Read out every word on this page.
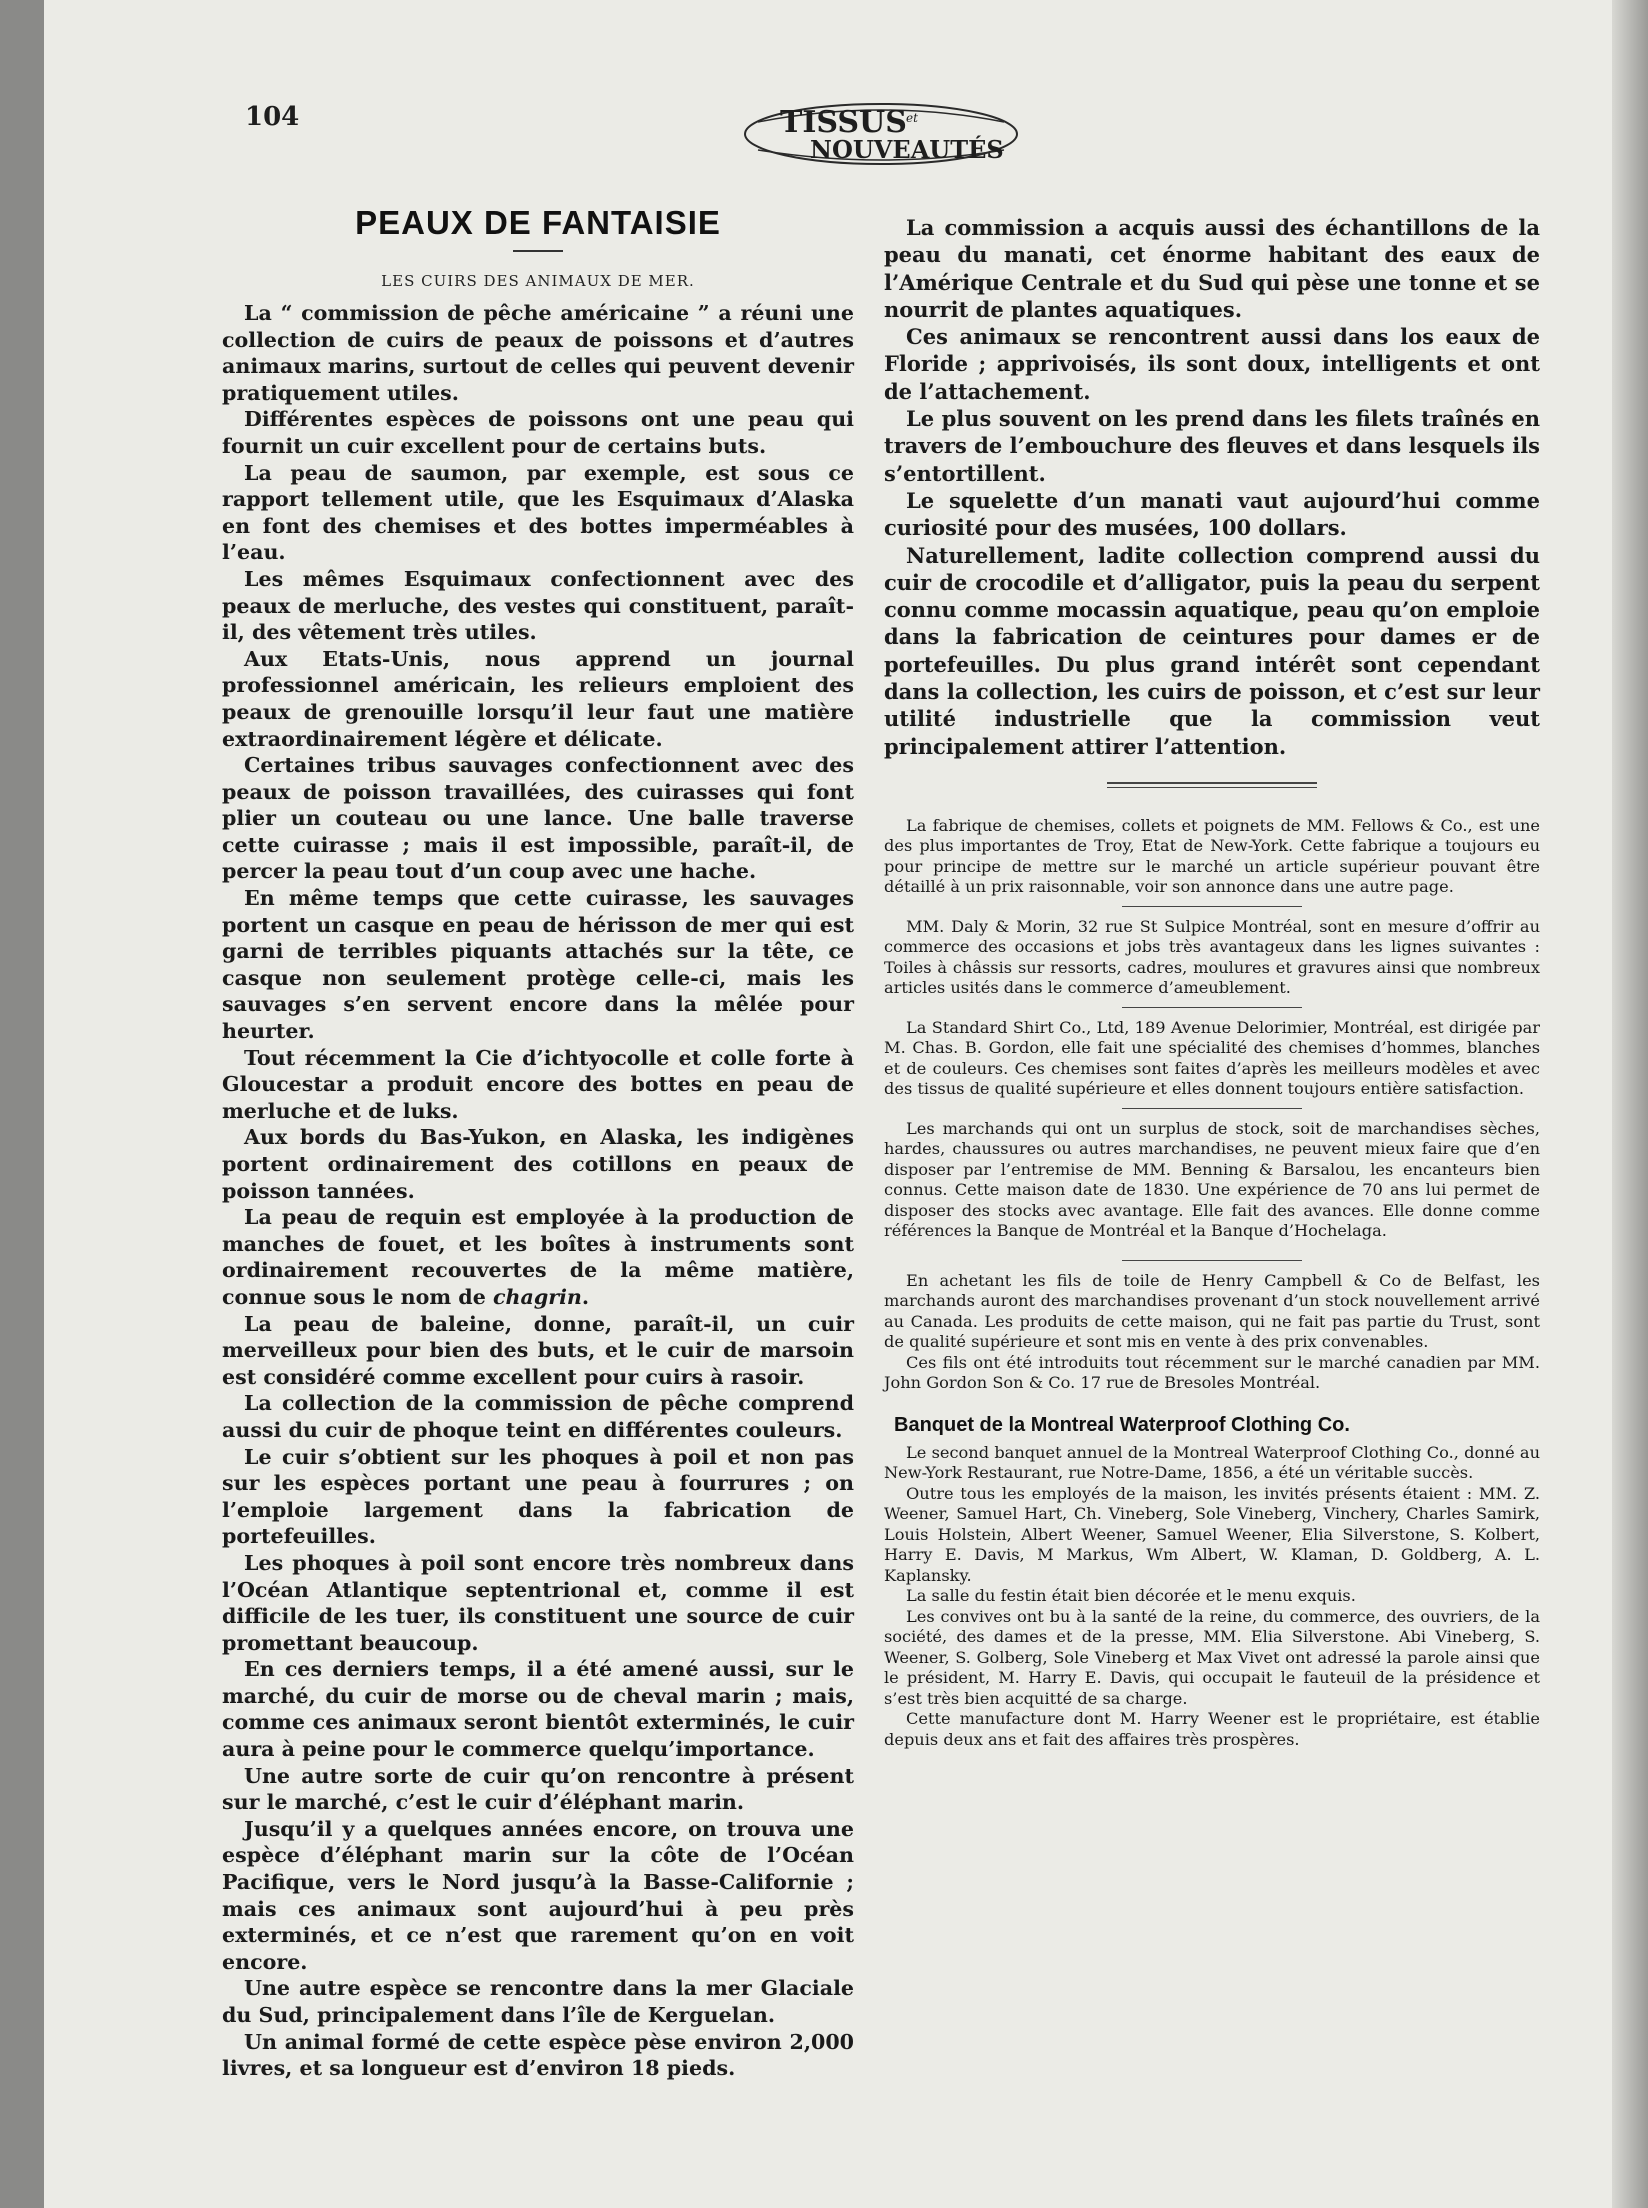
104	TISSUS et
NOUVEAUTÉS
PEAUX DE FANTAISIE
LES CUIRS DES ANIMAUX DE MER.

La “ commission de pêche américaine ” a réuni une collection de cuirs de peaux de poissons et d’autres animaux marins, surtout de celles qui peuvent devenir pratiquement utiles.

Différentes espèces de poissons ont une peau qui fournit un cuir excellent pour de certains buts.

La peau de saumon, par exemple, est sous ce rapport tellement utile, que les Esquimaux d’Alaska en font des chemises et des bottes imperméables à l’eau.

Les mêmes Esquimaux confectionnent avec des peaux de merluche, des vestes qui constituent, paraît-il, des vêtement très utiles.

Aux Etats-Unis, nous apprend un journal professionnel américain, les relieurs emploient des peaux de grenouille lorsqu’il leur faut une matière extraordinairement légère et délicate.

Certaines tribus sauvages confectionnent avec des peaux de poisson travaillées, des cuirasses qui font plier un couteau ou une lance. Une balle traverse cette cuirasse ; mais il est impossible, paraît-il, de percer la peau tout d’un coup avec une hache.

En même temps que cette cuirasse, les sauvages portent un casque en peau de hérisson de mer qui est garni de terribles piquants attachés sur la tête, ce casque non seulement protège celle-ci, mais les sauvages s’en servent encore dans la mêlée pour heurter.

Tout récemment la Cie d’ichtyocolle et colle forte à Gloucestar a produit encore des bottes en peau de merluche et de luks.

Aux bords du Bas-Yukon, en Alaska, les indigènes portent ordinairement des cotillons en peaux de poisson tannées.

La peau de requin est employée à la production de manches de fouet, et les boîtes à instruments sont ordinairement recouvertes de la même matière, connue sous le nom de chagrin.

La peau de baleine, donne, paraît-il, un cuir merveilleux pour bien des buts, et le cuir de marsoin est considéré comme excellent pour cuirs à rasoir.

La collection de la commission de pêche comprend aussi du cuir de phoque teint en différentes couleurs.

Le cuir s’obtient sur les phoques à poil et non pas sur les espèces portant une peau à fourrures ; on l’emploie largement dans la fabrication de portefeuilles.

Les phoques à poil sont encore très nombreux dans l’Océan Atlantique septentrional et, comme il est difficile de les tuer, ils constituent une source de cuir promettant beaucoup.

En ces derniers temps, il a été amené aussi, sur le marché, du cuir de morse ou de cheval marin ; mais, comme ces animaux seront bientôt exterminés, le cuir aura à peine pour le commerce quelqu’importance.

Une autre sorte de cuir qu’on rencontre à présent sur le marché, c’est le cuir d’éléphant marin.

Jusqu’il y a quelques années encore, on trouva une espèce d’éléphant marin sur la côte de l’Océan Pacifique, vers le Nord jusqu’à la Basse-Californie ; mais ces animaux sont aujourd’hui à peu près exterminés, et ce n’est que rarement qu’on en voit encore.

Une autre espèce se rencontre dans la mer Glaciale du Sud, principalement dans l’île de Kerguelan.

Un animal formé de cette espèce pèse environ 2,000 livres, et sa longueur est d’environ 18 pieds.

La commission a acquis aussi des échantillons de la peau du manati, cet énorme habitant des eaux de l’Amérique Centrale et du Sud qui pèse une tonne et se nourrit de plantes aquatiques.

Ces animaux se rencontrent aussi dans los eaux de Floride ; apprivoisés, ils sont doux, intelligents et ont de l’attachement.

Le plus souvent on les prend dans les filets traînés en travers de l’embouchure des fleuves et dans lesquels ils s’entortillent.

Le squelette d’un manati vaut aujourd’hui comme curiosité pour des musées, 100 dollars.

Naturellement, ladite collection comprend aussi du cuir de crocodile et d’alligator, puis la peau du serpent connu comme mocassin aquatique, peau qu’on emploie dans la fabrication de ceintures pour dames er de portefeuilles. Du plus grand intérêt sont cependant dans la collection, les cuirs de poisson, et c’est sur leur utilité industrielle que la commission veut principalement attirer l’attention.

La fabrique de chemises, collets et poignets de MM. Fellows & Co., est une des plus importantes de Troy, Etat de New-York. Cette fabrique a toujours eu pour principe de mettre sur le marché un article supérieur pouvant être détaillé à un prix raisonnable, voir son annonce dans une autre page.

MM. Daly & Morin, 32 rue St Sulpice Montréal, sont en mesure d’offrir au commerce des occasions et jobs très avantageux dans les lignes suivantes : Toiles à châssis sur ressorts, cadres, moulures et gravures ainsi que nombreux articles usités dans le commerce d’ameublement.

La Standard Shirt Co., Ltd, 189 Avenue Delorimier, Montréal, est dirigée par M. Chas. B. Gordon, elle fait une spécialité des chemises d’hommes, blanches et de couleurs. Ces chemises sont faites d’après les meilleurs modèles et avec des tissus de qualité supérieure et elles donnent toujours entière satisfaction.

Les marchands qui ont un surplus de stock, soit de marchandises sèches, hardes, chaussures ou autres marchandises, ne peuvent mieux faire que d’en disposer par l’entremise de MM. Benning & Barsalou, les encanteurs bien connus. Cette maison date de 1830. Une expérience de 70 ans lui permet de disposer des stocks avec avantage. Elle fait des avances. Elle donne comme références la Banque de Montréal et la Banque d’Hochelaga.

En achetant les fils de toile de Henry Campbell & Co de Belfast, les marchands auront des marchandises provenant d’un stock nouvellement arrivé au Canada. Les produits de cette maison, qui ne fait pas partie du Trust, sont de qualité supérieure et sont mis en vente à des prix convenables.

Ces fils ont été introduits tout récemment sur le marché canadien par MM. John Gordon Son & Co. 17 rue de Bresoles Montréal.

Banquet de la Montreal Waterproof Clothing Co.

Le second banquet annuel de la Montreal Waterproof Clothing Co., donné au New-York Restaurant, rue Notre-Dame, 1856, a été un véritable succès.

Outre tous les employés de la maison, les invités présents étaient : MM. Z. Weener, Samuel Hart, Ch. Vineberg, Sole Vineberg, Vinchery, Charles Samirk, Louis Holstein, Albert Weener, Samuel Weener, Elia Silverstone, S. Kolbert, Harry E. Davis, M Markus, Wm Albert, W. Klaman, D. Goldberg, A. L. Kaplansky.

La salle du festin était bien décorée et le menu exquis.

Les convives ont bu à la santé de la reine, du commerce, des ouvriers, de la société, des dames et de la presse, MM. Elia Silverstone. Abi Vineberg, S. Weener, S. Golberg, Sole Vineberg et Max Vivet ont adressé la parole ainsi que le président, M. Harry E. Davis, qui occupait le fauteuil de la présidence et s’est très bien acquitté de sa charge.

Cette manufacture dont M. Harry Weener est le propriétaire, est établie depuis deux ans et fait des affaires très prospères.
